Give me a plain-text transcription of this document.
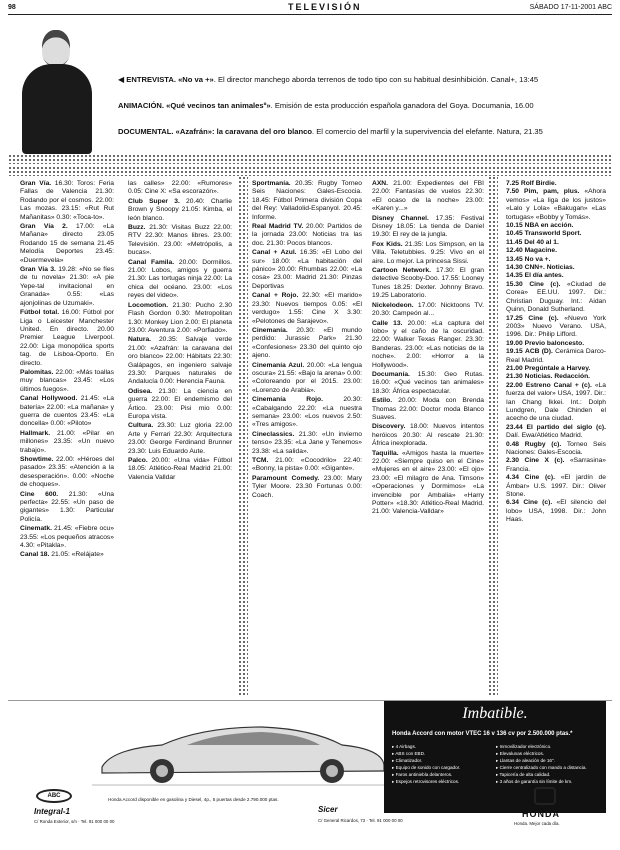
98	TELEVISIÓN	SÁBADO 17-11-2001 ABC
◀ ENTREVISTA. «No va +». El director manchego aborda terrenos de todo tipo con su habitual desinhibición. Canal+, 13:45
ANIMACIÓN. «Qué vecinos tan animalesº». Emisión de esta producción española ganadora del Goya. Documania, 16.00
DOCUMENTAL. «Azafrán»: la caravana del oro blanco. El comercio del marfil y la supervivencia del elefante. Natura, 21.35
Gran Vía. 16.30: Toros: Feria Fallas de Valencia 21.30: Rodando por el cosmos. 22.00: Las mozas. 23.15: «Rut Rut Mañanitas» 0.30: «Toca-to».
Gran Vía 2. 17.00: «La Mañana» directo 23.05 Rodando 15 de semana 21.45 Melodía Deportes 23.45: «Duermevela»
Gran Vía 3. 19.28: «No se fíes de tu novela» 21.30: «A pie Yepe-tal invitacional en Granada» 0.55: «Las ajonjolinas de Uzumaki».
Fútbol total. 16.00: Fútbol por Liga o Leicester Manchester United. En directo. 20.00 Premier League Liverpool. 22.00: Liga monopólica sports tag. de Lisboa-Oporto. En directo.
Palomitas. 22.00: «Más toallas muy blancas» 23.45: «Los últimos fuegos».
Canal Hollywood. 21.45: «La batería» 22.00: «La mañana» y guerra de cuentos 23.45: «La doncella» 0.00: «Piloto»
Hallmark. 21.00: «Pilar en millones» 23.35: «Un nuevo trabajo».
Showtime. 22.00: «Héroes del pasado» 23.35: «Atención a la desesperación». 0.00: «Noche de choques».
Cine 600. 21.30: «Una perfecta» 22.55: «Un paso de gigantes» 1.30: Particular Policía.
Cinematk. 21.45: «Fiebre ocu» 23.55: «Los pequeños atracos» 4.30: «Pitakla».
Canal 18. 21.05: «Relájate»
las calles» 22.00: «Rumores» 0.05: Cine X: «Sa escorazón».
Club Super 3. 20.40: Charlie Brown y Snoopy 21.05: Kimba, el león blanco.
Buzz. 21.30: Visitas Buzz 22.00: RTV 22.30: Manos libres. 23.00: Televisión. 23.00: «Metrópolis, a bucas».
Canal Famila. 20.00: Dormillos. 21.00: Lobos, amigos y guerra 21.30: Las tortugas ninja 22.00: La chica del océano. 23.00: «Los reyes del video».
Locomotion. 21.30: Pucho 2.30 Flash Gordon 0.30: Metropolitan 1.30: Monkey Lion 2.00: El planeta 23.00: Aventura 2.00: «Porfiado».
Natura. 20.35: Salvaje verde 21.00: «Azafrán: la caravana del oro blanco» 22.00: Hábitats 22.30: Galápagos, en ingeniero salvaje 23.30: Parques naturales de Andalucía 0.00: Herencia Fauna.
Odisea. 21.30: La ciencia en guerra 22.00: El endemismo del Ártico. 23.00: Pisi mio 0.00: Europa vista.
Cultura. 23.30: Luz gloria 22.00 Arte y Ferrari 22.30: Arquitectura 23.00: George Ferdinand Brunner 23.30: Luis Eduardo Aute.
Palco. 20.00: «Una vida» Fútbol 18.05: Atlético-Real Madrid 21.00: Valencia Valldar
Sportmanía. 20.35: Rugby Torneo Seis Naciones: Gales-Escocia. 18.45: Fútbol Primera división Copa del Rey: Valladolid-Espanyol. 20.45: Informe.
Real Madrid TV. 20.00: Partidos de la jornada 23.00: Noticias tra las doc. 21.30: Pocos blancos.
Canal + Azul. 16.35: «El Lobo del sur» 18.00: «La habitación del pánico» 20.00: Rhumbas 22.00: «La cosa» 23.00: Madrid 21.30: Pinzas Deportivas
Canal + Rojo. 22.30: «El marido» 23.30: Nuevos tiempos 0.05: «El verdugo» 1.55: Cine X 3.30: «Pelotones de Sarajevo».
Cinemanía. 20.30: «El mundo perdido: Jurassic Park» 21.30 «Confesiones» 23.30 del quinto ojo ajeno.
Cinemanía Azul. 20.00: «La lengua oscura» 21.55: «Bajo la arena» 0.00: «Coloreando por el 2015. 23.00: «Lorenzo de Arabia».
Cinemanía Rojo. 20.30: «Cabalgando 22.20: «La nuestra semana» 23.00: «Los nuevos 2.50: «Tres amigos».
Cineclassics. 21.30: «Un invierno tenso» 23.35: «La Jane y Tenemos» 23.38: «La salida».
TCM. 21.00: «Cocodrilo» 22.40: «Bonny, la pista» 0.00: «Gigante».
Paramount Comedy. 23.00: Mary Tyler Moore. 23.30 Fortunas 0.00: Coach.
AXN. 21.00: Expedientes del FBI 22.00: Fantasías de vuelos 22.30: «El ocaso de la noche» 23.00: «Karen y...»
Disney Channel. 17.35: Festival Disney 18.05: La tienda de Daniel 19.30: El rey de la jungla.
Fox Kids. 21.35: Los Simpson, en la Villa. Teletubbies. 9.25: Vivo en el aire. Lo mejor. La princesa Sissi.
Cartoon Network. 17.30: El gran detective Scooby-Doo. 17.55: Looney Tunes 18.25: Dexter. Johnny Bravo. 19.25 Laboratorio.
Nickelodeon. 17.00: Nicktoons TV. 20.30: Campeón al...
Calle 13. 20.00: «La captura del lobo» y el caño de la oscuridad. 22.00: Walker Texas Ranger. 23.30: Banderas. 23.00: «Las noticias de la noche». 2.00: «Horror a la Hollywood».
Documanía. 15.30: Geo Rutas. 16.00: «Qué vecinos tan animales» 18.30: África espectacular.
Estilo. 20.00: Moda con Brenda Thomas 22.00: Doctor moda Blanco Suaves.
Discovery. 18.00: Nuevos intentos heróicos 20.30: Al rescate 21.30: África inexplorada.
Taquilla. «Amigos hasta la muerte» 22.00: «Siempre quiso en el Cine» «Mujeres en el aire» 23.00: «El ojo» 23.00: «El milagro de Ana. Timson» «Operaciones y Dormimos» «La invencible por Ambalia» «Harry Potter» «18.30: Atlético-Real Madrid. 21.00: Valencia-Valldar»
7.25 Rolf Birdie.
7.50 Pim, pam, plus. «Ahora vemos» «La liga de los justos» «Lalo y Lola» «Bakugan» «Las tortugas» «Bobby y Tomás».
10.15 NBA en acción.
10.45 Transworld Sport.
11.45 Del 40 al 1.
12.40 Magacine.
13.45 No va +.
14.30 CNN+. Noticias.
14.35 El día antes.
15.30 Cine (c). «Ciudad de Corea» EE.UU. 1997. Dir.: Christian Duguay. Int.: Aidan Quinn, Donald Sutherland.
17.25 Cine (c). «Nuevo York 2003» Nuevo Verano. USA, 1996. Dir.: Philip Lifford.
19.00 Previo baloncesto.
19.15 ACB (D). Cerámica Darco-Real Madrid.
21.00 Pregúntale a Harvey.
21.30 Noticias. Redacción.
22.00 Estreno Canal + (c). «La fuerza del valor» USA, 1997. Dir.: Ian Chang Ikkei. Int.: Dolph Lundgren, Dale Chinden el acecho de una ciudad.
23.44 El partido del siglo (c). Dalí. Ewa/Atlético Madrid.
0.48 Rugby (c). Torneo Seis Naciones: Gales-Escocia.
2.30 Cine X (c). «Sarrasina» Francia.
4.34 Cine (c). «El jardín de Ámbar» U.S. 1997. Dir.: Oliver Stone.
6.34 Cine (c). «El silencio del lobo» USA, 1998. Dir.: John Haas.
Imbatible.
Honda Accord con motor VTEC 16 v 136 cv por 2.500.000 ptas.*
▸ 4 Airbags.
▸ ABS con EBD.
▸ Climatizador.
▸ Equipo de sonido con cargador.
▸ Faros antiniebla delanteros.
▸ Espejos retrovisores eléctricos.
▸ Inmovilizador electrónico.
▸ Elevalunas eléctricos.
▸ Llantas de aleación de 16".
▸ Cierre centralizado con mando a distancia.
▸ Tapicería de alta calidad.
▸ 3 años de garantía sin límite de km.
ABC
Honda Accord disponible en gasolina y Diesel, 4p., 5 puertas desde 2.790.000 ptas.
Integral-1
C/ Ronda Exterior, s/n · Tel. 91 000 00 00
Sicer
C/ General Ricardos, 73 · Tel. 91 000 00 00
H
HONDA
Honda. Mejor cada día.
